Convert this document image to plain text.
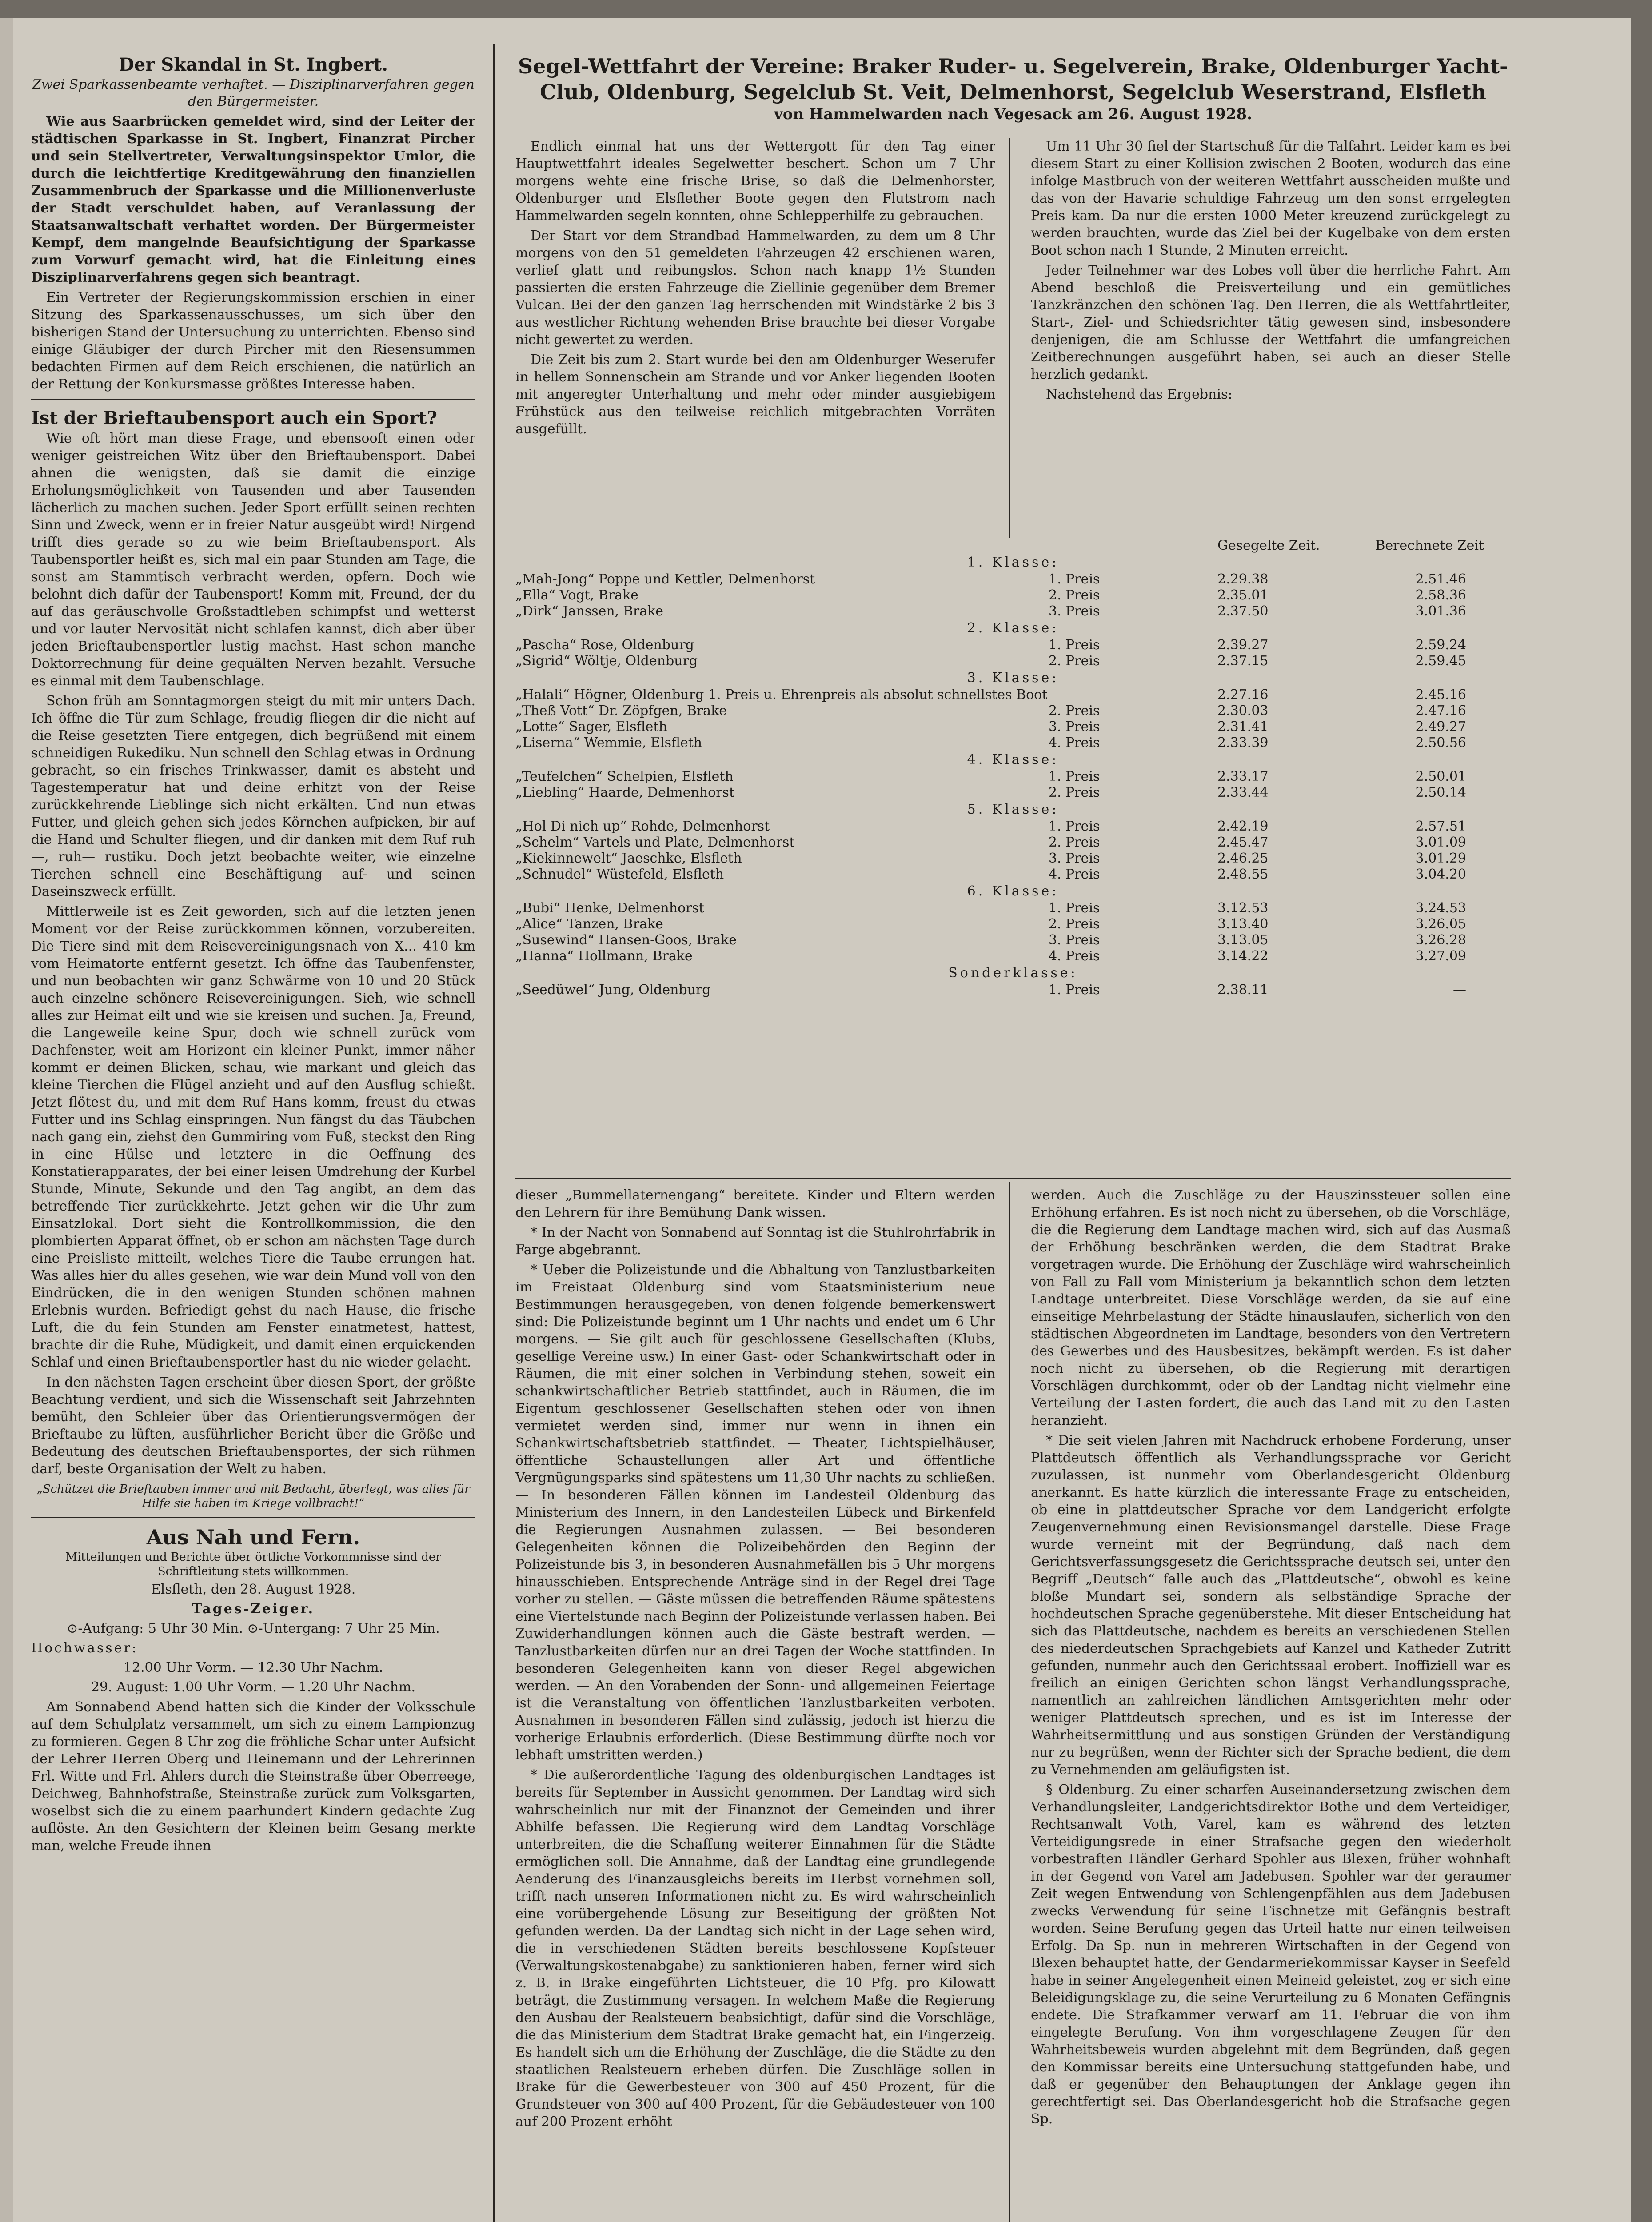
Der Skandal in St. Ingbert.
Zwei Sparkassenbeamte verhaftet. — Disziplinarverfahren gegen den Bürgermeister.

Wie aus Saarbrücken gemeldet wird, sind der Leiter der städtischen Sparkasse in St. Ingbert, Finanzrat Pircher und sein Stellvertreter, Verwaltungsinspektor Umlor, die durch die leichtfertige Kreditgewährung den finanziellen Zusammenbruch der Sparkasse und die Millionenverluste der Stadt verschuldet haben, auf Veranlassung der Staatsanwaltschaft verhaftet worden. Der Bürgermeister Kempf, dem mangelnde Beaufsichtigung der Sparkasse zum Vorwurf gemacht wird, hat die Einleitung eines Disziplinarverfahrens gegen sich beantragt.

Ein Vertreter der Regierungskommission erschien in einer Sitzung des Sparkassenausschusses, um sich über den bisherigen Stand der Untersuchung zu unterrichten. Ebenso sind einige Gläubiger der durch Pircher mit den Riesensummen bedachten Firmen auf dem Reich erschienen, die natürlich an der Rettung der Konkursmasse größtes Interesse haben.

Ist der Brieftaubensport auch ein Sport?

Wie oft hört man diese Frage, und ebensooft einen oder weniger geistreichen Witz über den Brieftaubensport. Dabei ahnen die wenigsten, daß sie damit die einzige Erholungsmöglichkeit von Tausenden und aber Tausenden lächerlich zu machen suchen. Jeder Sport erfüllt seinen rechten Sinn und Zweck, wenn er in freier Natur ausgeübt wird! Nirgend trifft dies gerade so zu wie beim Brieftaubensport. Als Taubensportler heißt es, sich mal ein paar Stunden am Tage, die sonst am Stammtisch verbracht werden, opfern. Doch wie belohnt dich dafür der Taubensport! Komm mit, Freund, der du auf das geräuschvolle Großstadtleben schimpfst und wetterst und vor lauter Nervosität nicht schlafen kannst, dich aber über jeden Brieftaubensportler lustig machst. Hast schon manche Doktorrechnung für deine gequälten Nerven bezahlt. Versuche es einmal mit dem Taubenschlage.

Schon früh am Sonntagmorgen steigt du mit mir unters Dach. Ich öffne die Tür zum Schlage, freudig fliegen dir die nicht auf die Reise gesetzten Tiere entgegen, dich begrüßend mit einem schneidigen Rukediku. Nun schnell den Schlag etwas in Ordnung gebracht, so ein frisches Trinkwasser, damit es absteht und Tagestemperatur hat und deine erhitzt von der Reise zurückkehrende Lieblinge sich nicht erkälten. Und nun etwas Futter, und gleich gehen sich jedes Körnchen aufpicken, bir auf die Hand und Schulter fliegen, und dir danken mit dem Ruf ruh—, ruh— rustiku. Doch jetzt beobachte weiter, wie einzelne Tierchen schnell eine Beschäftigung auf- und seinen Daseinszweck erfüllt.

Mittlerweile ist es Zeit geworden, sich auf die letzten jenen Moment vor der Reise zurückkommen können, vorzubereiten. Die Tiere sind mit dem Reisevereinigungsnach von X... 410 km vom Heimatorte entfernt gesetzt. Ich öffne das Taubenfenster, und nun beobachten wir ganz Schwärme von 10 und 20 Stück auch einzelne schönere Reisevereinigungen. Sieh, wie schnell alles zur Heimat eilt und wie sie kreisen und suchen. Ja, Freund, die Langeweile keine Spur, doch wie schnell zurück vom Dachfenster, weit am Horizont ein kleiner Punkt, immer näher kommt er deinen Blicken, schau, wie markant und gleich das kleine Tierchen die Flügel anzieht und auf den Ausflug schießt. Jetzt flötest du, und mit dem Ruf Hans komm, freust du etwas Futter und ins Schlag einspringen. Nun fängst du das Täubchen nach gang ein, ziehst den Gummiring vom Fuß, steckst den Ring in eine Hülse und letztere in die Oeffnung des Konstatierapparates, der bei einer leisen Umdrehung der Kurbel Stunde, Minute, Sekunde und den Tag angibt, an dem das betreffende Tier zurückkehrte. Jetzt gehen wir die Uhr zum Einsatzlokal. Dort sieht die Kontrollkommission, die den plombierten Apparat öffnet, ob er schon am nächsten Tage durch eine Preisliste mitteilt, welches Tiere die Taube errungen hat. Was alles hier du alles gesehen, wie war dein Mund voll von den Eindrücken, die in den wenigen Stunden schönen mahnen Erlebnis wurden. Befriedigt gehst du nach Hause, die frische Luft, die du fein Stunden am Fenster einatmetest, hattest, brachte dir die Ruhe, Müdigkeit, und damit einen erquickenden Schlaf und einen Brieftaubensportler hast du nie wieder gelacht.

In den nächsten Tagen erscheint über diesen Sport, der größte Beachtung verdient, und sich die Wissenschaft seit Jahrzehnten bemüht, den Schleier über das Orientierungsvermögen der Brieftaube zu lüften, ausführlicher Bericht über die Größe und Bedeutung des deutschen Brieftaubensportes, der sich rühmen darf, beste Organisation der Welt zu haben.

„Schützet die Brieftauben immer und mit Bedacht, überlegt, was alles für Hilfe sie haben im Kriege vollbracht!“
Aus Nah und Fern.
Mitteilungen und Berichte über örtliche Vorkommnisse sind der Schriftleitung stets willkommen.
Elsfleth, den 28. August 1928.
Tages-Zeiger.
⊙-Aufgang: 5 Uhr 30 Min. ⊙-Untergang: 7 Uhr 25 Min.
Hochwasser:
12.00 Uhr Vorm. — 12.30 Uhr Nachm.
29. August: 1.00 Uhr Vorm. — 1.20 Uhr Nachm.

Am Sonnabend Abend hatten sich die Kinder der Volksschule auf dem Schulplatz versammelt, um sich zu einem Lampionzug zu formieren. Gegen 8 Uhr zog die fröhliche Schar unter Aufsicht der Lehrer Herren Oberg und Heinemann und der Lehrerinnen Frl. Witte und Frl. Ahlers durch die Steinstraße über Oberreege, Deichweg, Bahnhofstraße, Steinstraße zurück zum Volksgarten, woselbst sich die zu einem paarhundert Kindern gedachte Zug auflöste. An den Gesichtern der Kleinen beim Gesang merkte man, welche Freude ihnen

Segel-Wettfahrt der Vereine: Braker Ruder- u. Segelverein, Brake, Oldenburger Yacht-Club, Oldenburg, Segelclub St. Veit, Delmenhorst, Segelclub Weserstrand, Elsfleth
von Hammelwarden nach Vegesack am 26. August 1928.

Endlich einmal hat uns der Wettergott für den Tag einer Hauptwettfahrt ideales Segelwetter beschert. Schon um 7 Uhr morgens wehte eine frische Brise, so daß die Delmenhorster, Oldenburger und Elsflether Boote gegen den Flutstrom nach Hammelwarden segeln konnten, ohne Schlepperhilfe zu gebrauchen.

Der Start vor dem Strandbad Hammelwarden, zu dem um 8 Uhr morgens von den 51 gemeldeten Fahrzeugen 42 erschienen waren, verlief glatt und reibungslos. Schon nach knapp 1½ Stunden passierten die ersten Fahrzeuge die Ziellinie gegenüber dem Bremer Vulcan. Bei der den ganzen Tag herrschenden mit Windstärke 2 bis 3 aus westlicher Richtung wehenden Brise brauchte bei dieser Vorgabe nicht gewertet zu werden.

Die Zeit bis zum 2. Start wurde bei den am Oldenburger Weserufer in hellem Sonnenschein am Strande und vor Anker liegenden Booten mit angeregter Unterhaltung und mehr oder minder ausgiebigem Frühstück aus den teilweise reichlich mitgebrachten Vorräten ausgefüllt.

Um 11 Uhr 30 fiel der Startschuß für die Talfahrt. Leider kam es bei diesem Start zu einer Kollision zwischen 2 Booten, wodurch das eine infolge Mastbruch von der weiteren Wettfahrt ausscheiden mußte und das von der Havarie schuldige Fahrzeug um den sonst errgelegten Preis kam. Da nur die ersten 1000 Meter kreuzend zurückgelegt zu werden brauchten, wurde das Ziel bei der Kugelbake von dem ersten Boot schon nach 1 Stunde, 2 Minuten erreicht.

Jeder Teilnehmer war des Lobes voll über die herrliche Fahrt. Am Abend beschloß die Preisverteilung und ein gemütliches Tanzkränzchen den schönen Tag. Den Herren, die als Wettfahrtleiter, Start-, Ziel- und Schiedsrichter tätig gewesen sind, insbesondere denjenigen, die am Schlusse der Wettfahrt die umfangreichen Zeitberechnungen ausgeführt haben, sei auch an dieser Stelle herzlich gedankt.

Nachstehend das Ergebnis:

Gesegelte Zeit.	Berechnete Zeit
1. Klasse:
„Mah-Jong“ Poppe und Kettler, Delmenhorst	1. Preis	2.29.38	2.51.46
„Ella“ Vogt, Brake	2. Preis	2.35.01	2.58.36
„Dirk“ Janssen, Brake	3. Preis	2.37.50	3.01.36
2. Klasse:
„Pascha“ Rose, Oldenburg	1. Preis	2.39.27	2.59.24
„Sigrid“ Wöltje, Oldenburg	2. Preis	2.37.15	2.59.45
3. Klasse:
„Halali“ Högner, Oldenburg 1. Preis u. Ehrenpreis als absolut schnellstes Boot	2.27.16	2.45.16
„Theß Vott“ Dr. Zöpfgen, Brake	2. Preis	2.30.03	2.47.16
„Lotte“ Sager, Elsfleth	3. Preis	2.31.41	2.49.27
„Liserna“ Wemmie, Elsfleth	4. Preis	2.33.39	2.50.56
4. Klasse:
„Teufelchen“ Schelpien, Elsfleth	1. Preis	2.33.17	2.50.01
„Liebling“ Haarde, Delmenhorst	2. Preis	2.33.44	2.50.14
5. Klasse:
„Hol Di nich up“ Rohde, Delmenhorst	1. Preis	2.42.19	2.57.51
„Schelm“ Vartels und Plate, Delmenhorst	2. Preis	2.45.47	3.01.09
„Kiekinnewelt“ Jaeschke, Elsfleth	3. Preis	2.46.25	3.01.29
„Schnudel“ Wüstefeld, Elsfleth	4. Preis	2.48.55	3.04.20
6. Klasse:
„Bubi“ Henke, Delmenhorst	1. Preis	3.12.53	3.24.53
„Alice“ Tanzen, Brake	2. Preis	3.13.40	3.26.05
„Susewind“ Hansen-Goos, Brake	3. Preis	3.13.05	3.26.28
„Hanna“ Hollmann, Brake	4. Preis	3.14.22	3.27.09
Sonderklasse:
„Seedüwel“ Jung, Oldenburg	1. Preis	2.38.11	—

dieser „Bummellaternengang“ bereitete. Kinder und Eltern werden den Lehrern für ihre Bemühung Dank wissen.

* In der Nacht von Sonnabend auf Sonntag ist die Stuhlrohrfabrik in Farge abgebrannt.

* Ueber die Polizeistunde und die Abhaltung von Tanzlustbarkeiten im Freistaat Oldenburg sind vom Staatsministerium neue Bestimmungen herausgegeben, von denen folgende bemerkenswert sind: Die Polizeistunde beginnt um 1 Uhr nachts und endet um 6 Uhr morgens. — Sie gilt auch für geschlossene Gesellschaften (Klubs, gesellige Vereine usw.) In einer Gast- oder Schankwirtschaft oder in Räumen, die mit einer solchen in Verbindung stehen, soweit ein schankwirtschaftlicher Betrieb stattfindet, auch in Räumen, die im Eigentum geschlossener Gesellschaften stehen oder von ihnen vermietet werden sind, immer nur wenn in ihnen ein Schankwirtschaftsbetrieb stattfindet. — Theater, Lichtspielhäuser, öffentliche Schaustellungen aller Art und öffentliche Vergnügungsparks sind spätestens um 11,30 Uhr nachts zu schließen. — In besonderen Fällen können im Landesteil Oldenburg das Ministerium des Innern, in den Landesteilen Lübeck und Birkenfeld die Regierungen Ausnahmen zulassen. — Bei besonderen Gelegenheiten können die Polizeibehörden den Beginn der Polizeistunde bis 3, in besonderen Ausnahmefällen bis 5 Uhr morgens hinausschieben. Entsprechende Anträge sind in der Regel drei Tage vorher zu stellen. — Gäste müssen die betreffenden Räume spätestens eine Viertelstunde nach Beginn der Polizeistunde verlassen haben. Bei Zuwiderhandlungen können auch die Gäste bestraft werden. — Tanzlustbarkeiten dürfen nur an drei Tagen der Woche stattfinden. In besonderen Gelegenheiten kann von dieser Regel abgewichen werden. — An den Vorabenden der Sonn- und allgemeinen Feiertage ist die Veranstaltung von öffentlichen Tanzlustbarkeiten verboten. Ausnahmen in besonderen Fällen sind zulässig, jedoch ist hierzu die vorherige Erlaubnis erforderlich. (Diese Bestimmung dürfte noch vor lebhaft umstritten werden.)

* Die außerordentliche Tagung des oldenburgischen Landtages ist bereits für September in Aussicht genommen. Der Landtag wird sich wahrscheinlich nur mit der Finanznot der Gemeinden und ihrer Abhilfe befassen. Die Regierung wird dem Landtag Vorschläge unterbreiten, die die Schaffung weiterer Einnahmen für die Städte ermöglichen soll. Die Annahme, daß der Landtag eine grundlegende Aenderung des Finanzausgleichs bereits im Herbst vornehmen soll, trifft nach unseren Informationen nicht zu. Es wird wahrscheinlich eine vorübergehende Lösung zur Beseitigung der größten Not gefunden werden. Da der Landtag sich nicht in der Lage sehen wird, die in verschiedenen Städten bereits beschlossene Kopfsteuer (Verwaltungskostenabgabe) zu sanktionieren haben, ferner wird sich z. B. in Brake eingeführten Lichtsteuer, die 10 Pfg. pro Kilowatt beträgt, die Zustimmung versagen. In welchem Maße die Regierung den Ausbau der Realsteuern beabsichtigt, dafür sind die Vorschläge, die das Ministerium dem Stadtrat Brake gemacht hat, ein Fingerzeig. Es handelt sich um die Erhöhung der Zuschläge, die die Städte zu den staatlichen Realsteuern erheben dürfen. Die Zuschläge sollen in Brake für die Gewerbesteuer von 300 auf 450 Prozent, für die Grundsteuer von 300 auf 400 Prozent, für die Gebäudesteuer von 100 auf 200 Prozent erhöht

werden. Auch die Zuschläge zu der Hauszinssteuer sollen eine Erhöhung erfahren. Es ist noch nicht zu übersehen, ob die Vorschläge, die die Regierung dem Landtage machen wird, sich auf das Ausmaß der Erhöhung beschränken werden, die dem Stadtrat Brake vorgetragen wurde. Die Erhöhung der Zuschläge wird wahrscheinlich von Fall zu Fall vom Ministerium ja bekanntlich schon dem letzten Landtage unterbreitet. Diese Vorschläge werden, da sie auf eine einseitige Mehrbelastung der Städte hinauslaufen, sicherlich von den städtischen Abgeordneten im Landtage, besonders von den Vertretern des Gewerbes und des Hausbesitzes, bekämpft werden. Es ist daher noch nicht zu übersehen, ob die Regierung mit derartigen Vorschlägen durchkommt, oder ob der Landtag nicht vielmehr eine Verteilung der Lasten fordert, die auch das Land mit zu den Lasten heranzieht.

* Die seit vielen Jahren mit Nachdruck erhobene Forderung, unser Plattdeutsch öffentlich als Verhandlungssprache vor Gericht zuzulassen, ist nunmehr vom Oberlandesgericht Oldenburg anerkannt. Es hatte kürzlich die interessante Frage zu entscheiden, ob eine in plattdeutscher Sprache vor dem Landgericht erfolgte Zeugenvernehmung einen Revisionsmangel darstelle. Diese Frage wurde verneint mit der Begründung, daß nach dem Gerichtsverfassungsgesetz die Gerichtssprache deutsch sei, unter den Begriff „Deutsch“ falle auch das „Plattdeutsche“, obwohl es keine bloße Mundart sei, sondern als selbständige Sprache der hochdeutschen Sprache gegenüberstehe. Mit dieser Entscheidung hat sich das Plattdeutsche, nachdem es bereits an verschiedenen Stellen des niederdeutschen Sprachgebiets auf Kanzel und Katheder Zutritt gefunden, nunmehr auch den Gerichtssaal erobert. Inoffiziell war es freilich an einigen Gerichten schon längst Verhandlungssprache, namentlich an zahlreichen ländlichen Amtsgerichten mehr oder weniger Plattdeutsch sprechen, und es ist im Interesse der Wahrheitsermittlung und aus sonstigen Gründen der Verständigung nur zu begrüßen, wenn der Richter sich der Sprache bedient, die dem zu Vernehmenden am geläufigsten ist.

§ Oldenburg. Zu einer scharfen Auseinandersetzung zwischen dem Verhandlungsleiter, Landgerichtsdirektor Bothe und dem Verteidiger, Rechtsanwalt Voth, Varel, kam es während des letzten Verteidigungsrede in einer Strafsache gegen den wiederholt vorbestraften Händler Gerhard Spohler aus Blexen, früher wohnhaft in der Gegend von Varel am Jadebusen. Spohler war der geraumer Zeit wegen Entwendung von Schlengenpfählen aus dem Jadebusen zwecks Verwendung für seine Fischnetze mit Gefängnis bestraft worden. Seine Berufung gegen das Urteil hatte nur einen teilweisen Erfolg. Da Sp. nun in mehreren Wirtschaften in der Gegend von Blexen behauptet hatte, der Gendarmeriekommissar Kayser in Seefeld habe in seiner Angelegenheit einen Meineid geleistet, zog er sich eine Beleidigungsklage zu, die seine Verurteilung zu 6 Monaten Gefängnis endete. Die Strafkammer verwarf am 11. Februar die von ihm eingelegte Berufung. Von ihm vorgeschlagene Zeugen für den Wahrheitsbeweis wurden abgelehnt mit dem Begründen, daß gegen den Kommissar bereits eine Untersuchung stattgefunden habe, und daß er gegenüber den Behauptungen der Anklage gegen ihn gerechtfertigt sei. Das Oberlandesgericht hob die Strafsache gegen Sp.
